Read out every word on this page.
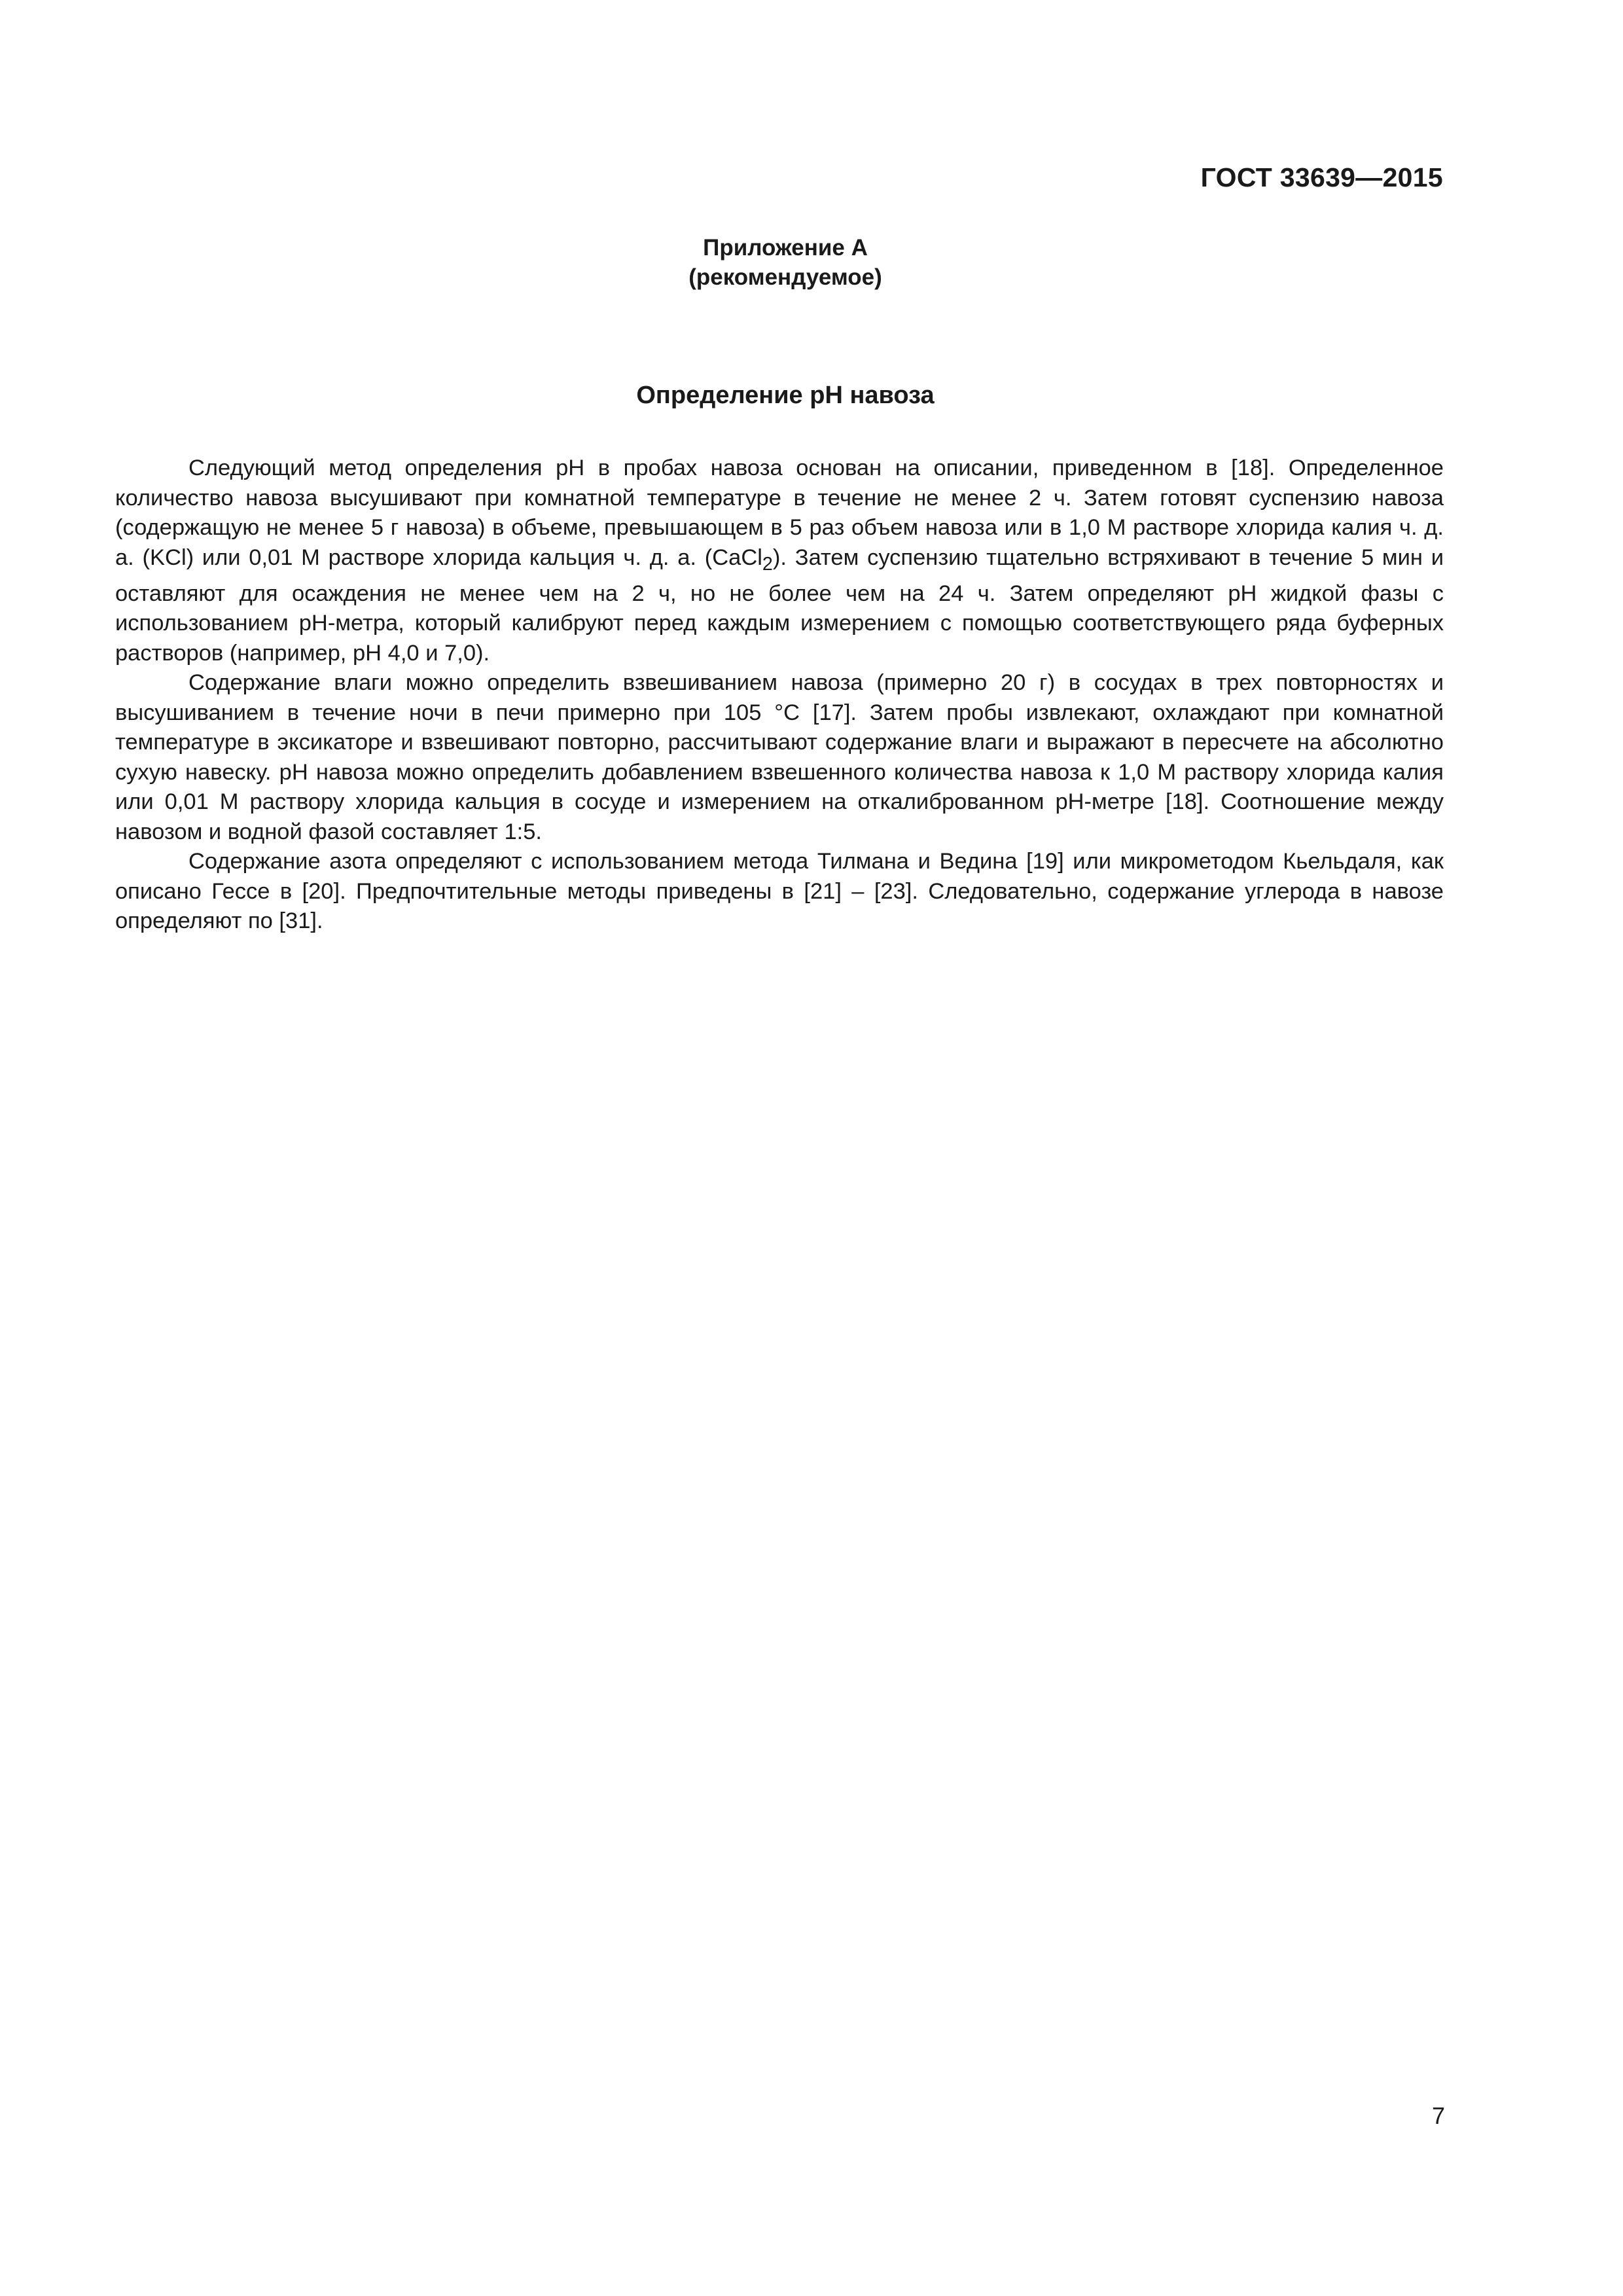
ГОСТ 33639—2015
Приложение А
(рекомендуемое)
Определение рН навоза

Следующий метод определения рН в пробах навоза основан на описании, приведенном в [18]. Определенное количество навоза высушивают при комнатной температуре в течение не менее 2 ч. Затем готовят суспензию навоза (содержащую не менее 5 г навоза) в объеме, превышающем в 5 раз объем навоза или в 1,0 М растворе хлорида калия ч. д. а. (KCl) или 0,01 М растворе хлорида кальция ч. д. а. (CaCl$_2$). Затем суспензию тщательно встряхивают в течение 5 мин и оставляют для осаждения не менее чем на 2 ч, но не более чем на 24 ч. Затем определяют рН жидкой фазы с использованием рН-метра, который калибруют перед каждым измерением с помощью соответствующего ряда буферных растворов (например, рН 4,0 и 7,0).

Содержание влаги можно определить взвешиванием навоза (примерно 20 г) в сосудах в трех повторностях и высушиванием в течение ночи в печи примерно при 105 °С [17]. Затем пробы извлекают, охлаждают при комнатной температуре в эксикаторе и взвешивают повторно, рассчитывают содержание влаги и выражают в пересчете на абсолютно сухую навеску. рН навоза можно определить добавлением взвешенного количества навоза к 1,0 М раствору хлорида калия или 0,01 М раствору хлорида кальция в сосуде и измерением на откалиброванном рН-метре [18]. Соотношение между навозом и водной фазой составляет 1:5.

Содержание азота определяют с использованием метода Тилмана и Ведина [19] или микрометодом Кьельдаля, как описано Гессе в [20]. Предпочтительные методы приведены в [21] – [23]. Следовательно, содержание углерода в навозе определяют по [31].

7
